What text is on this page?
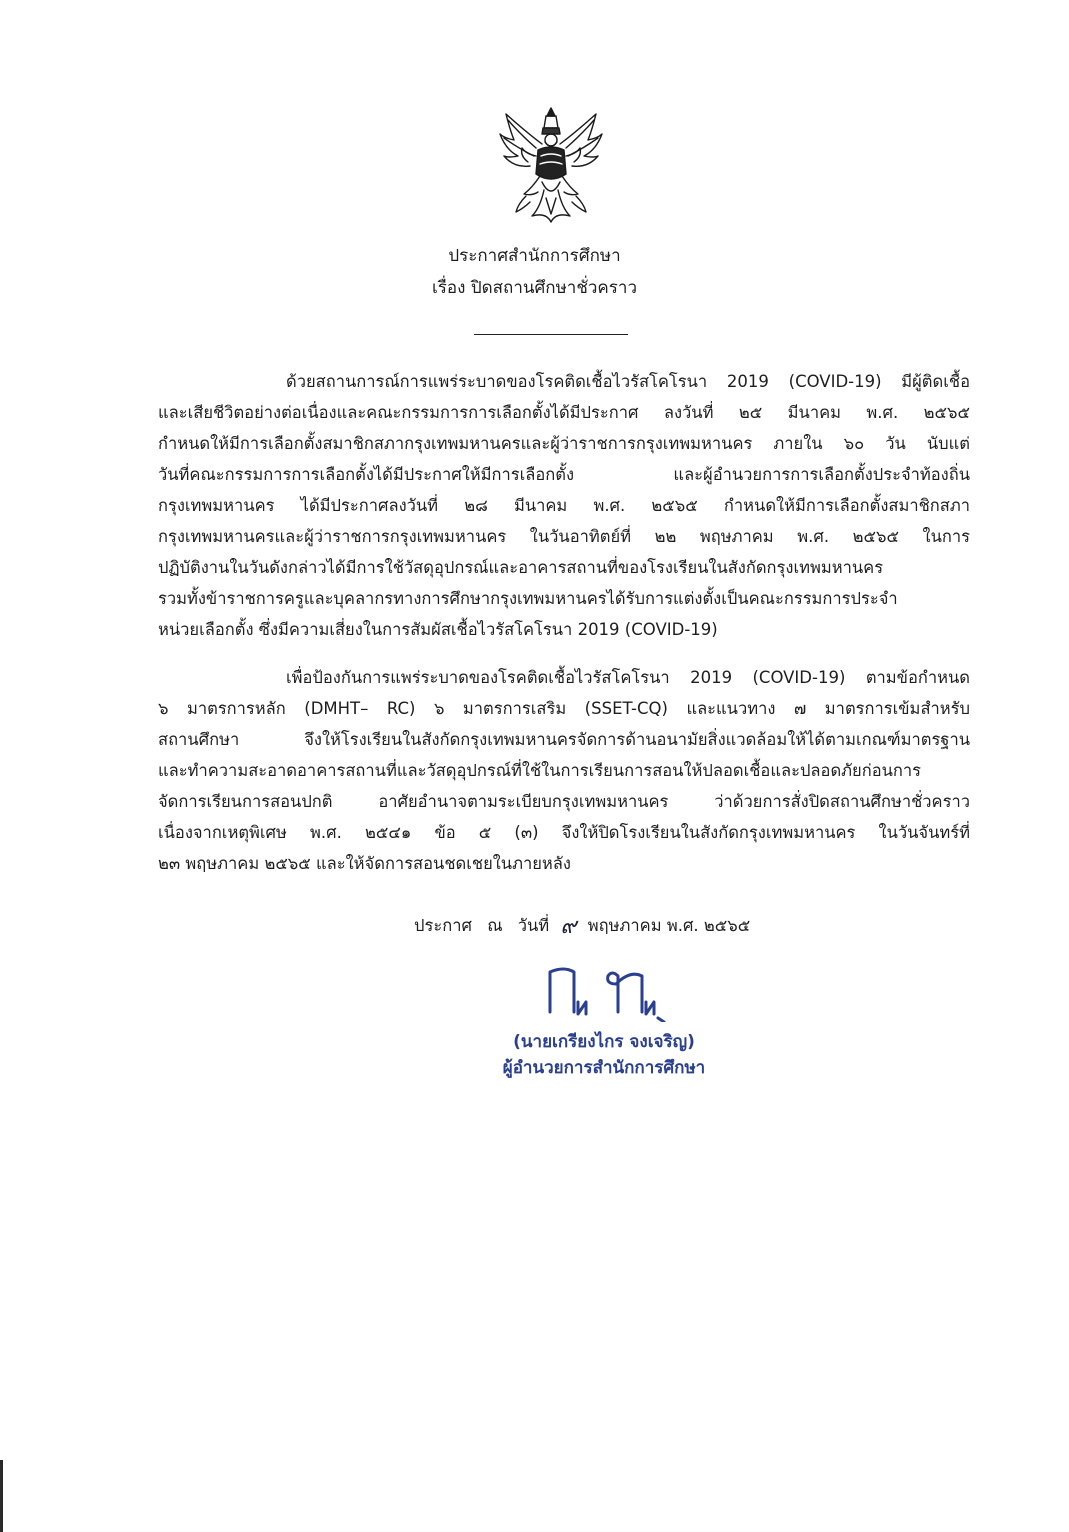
ประกาศสำนักการศึกษา
เรื่อง ปิดสถานศึกษาชั่วคราว
ด้วยสถานการณ์การแพร่ระบาดของโรคติดเชื้อไวรัสโคโรนา 2019 (COVID-19) มีผู้ติดเชื้อ
และเสียชีวิตอย่างต่อเนื่องและคณะกรรมการการเลือกตั้งได้มีประกาศ ลงวันที่ ๒๕ มีนาคม พ.ศ. ๒๕๖๕
กำหนดให้มีการเลือกตั้งสมาชิกสภากรุงเทพมหานครและผู้ว่าราชการกรุงเทพมหานคร ภายใน ๖๐ วัน นับแต่
วันที่คณะกรรมการการเลือกตั้งได้มีประกาศให้มีการเลือกตั้ง และผู้อำนวยการการเลือกตั้งประจำท้องถิ่น
กรุงเทพมหานคร ได้มีประกาศลงวันที่ ๒๘ มีนาคม พ.ศ. ๒๕๖๕ กำหนดให้มีการเลือกตั้งสมาชิกสภา
กรุงเทพมหานครและผู้ว่าราชการกรุงเทพมหานคร ในวันอาทิตย์ที่ ๒๒ พฤษภาคม พ.ศ. ๒๕๖๕ ในการ
ปฏิบัติงานในวันดังกล่าวได้มีการใช้วัสดุอุปกรณ์และอาคารสถานที่ของโรงเรียนในสังกัดกรุงเทพมหานคร
รวมทั้งข้าราชการครูและบุคลากรทางการศึกษากรุงเทพมหานครได้รับการแต่งตั้งเป็นคณะกรรมการประจำ
หน่วยเลือกตั้ง ซึ่งมีความเสี่ยงในการสัมผัสเชื้อไวรัสโคโรนา 2019 (COVID-19)
เพื่อป้องกันการแพร่ระบาดของโรคติดเชื้อไวรัสโคโรนา 2019 (COVID-19) ตามข้อกำหนด
๖ มาตรการหลัก (DMHT– RC) ๖ มาตรการเสริม (SSET-CQ) และแนวทาง ๗ มาตรการเข้มสำหรับ
สถานศึกษา จึงให้โรงเรียนในสังกัดกรุงเทพมหานครจัดการด้านอนามัยสิ่งแวดล้อมให้ได้ตามเกณฑ์มาตรฐาน
และทำความสะอาดอาคารสถานที่และวัสดุอุปกรณ์ที่ใช้ในการเรียนการสอนให้ปลอดเชื้อและปลอดภัยก่อนการ
จัดการเรียนการสอนปกติ อาศัยอำนาจตามระเบียบกรุงเทพมหานคร ว่าด้วยการสั่งปิดสถานศึกษาชั่วคราว
เนื่องจากเหตุพิเศษ พ.ศ. ๒๕๔๑ ข้อ ๕ (๓) จึงให้ปิดโรงเรียนในสังกัดกรุงเทพมหานคร ในวันจันทร์ที่
๒๓ พฤษภาคม ๒๕๖๕ และให้จัดการสอนชดเชยในภายหลัง
ประกาศ ณ วันที่ ๙ พฤษภาคม พ.ศ. ๒๕๖๕
(นายเกรียงไกร จงเจริญ)
ผู้อำนวยการสำนักการศึกษา
